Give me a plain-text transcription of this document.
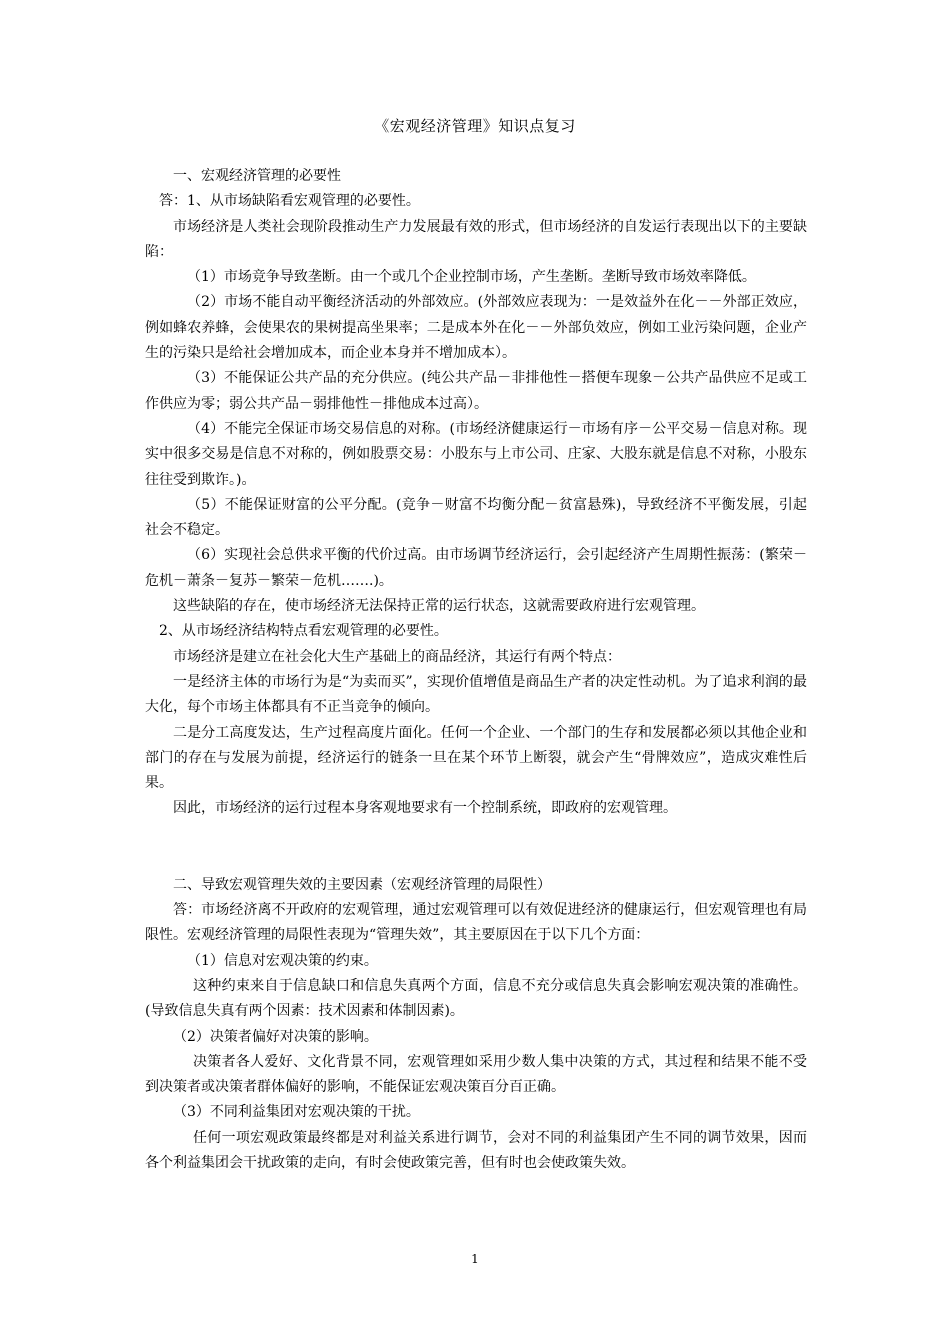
《宏观经济管理》知识点复习

一、宏观经济管理的必要性

答：1、从市场缺陷看宏观管理的必要性。

市场经济是人类社会现阶段推动生产力发展最有效的形式，但市场经济的自发运行表现出以下的主要缺陷：

（1）市场竞争导致垄断。由一个或几个企业控制市场，产生垄断。垄断导致市场效率降低。

（2）市场不能自动平衡经济活动的外部效应。(外部效应表现为：一是效益外在化－－外部正效应，例如蜂农养蜂，会使果农的果树提高坐果率；二是成本外在化－－外部负效应，例如工业污染问题，企业产生的污染只是给社会增加成本，而企业本身并不增加成本）。

（3）不能保证公共产品的充分供应。(纯公共产品－非排他性－搭便车现象－公共产品供应不足或工作供应为零；弱公共产品－弱排他性－排他成本过高）。

（4）不能完全保证市场交易信息的对称。(市场经济健康运行－市场有序－公平交易－信息对称。现实中很多交易是信息不对称的，例如股票交易：小股东与上市公司、庄家、大股东就是信息不对称，小股东往往受到欺诈。)。

（5）不能保证财富的公平分配。(竞争－财富不均衡分配－贫富悬殊)，导致经济不平衡发展，引起社会不稳定。

（6）实现社会总供求平衡的代价过高。由市场调节经济运行，会引起经济产生周期性振荡：(繁荣－危机－萧条－复苏－繁荣－危机…….)。

这些缺陷的存在，使市场经济无法保持正常的运行状态，这就需要政府进行宏观管理。

2、从市场经济结构特点看宏观管理的必要性。

市场经济是建立在社会化大生产基础上的商品经济，其运行有两个特点：

一是经济主体的市场行为是“为卖而买”，实现价值增值是商品生产者的决定性动机。为了追求利润的最大化，每个市场主体都具有不正当竞争的倾向。

二是分工高度发达，生产过程高度片面化。任何一个企业、一个部门的生存和发展都必须以其他企业和部门的存在与发展为前提，经济运行的链条一旦在某个环节上断裂，就会产生“骨牌效应”，造成灾难性后果。

因此，市场经济的运行过程本身客观地要求有一个控制系统，即政府的宏观管理。

二、导致宏观管理失效的主要因素（宏观经济管理的局限性）

答：市场经济离不开政府的宏观管理，通过宏观管理可以有效促进经济的健康运行，但宏观管理也有局限性。宏观经济管理的局限性表现为“管理失效”，其主要原因在于以下几个方面：

（1）信息对宏观决策的约束。

这种约束来自于信息缺口和信息失真两个方面，信息不充分或信息失真会影响宏观决策的准确性。(导致信息失真有两个因素：技术因素和体制因素)。

（2）决策者偏好对决策的影响。

决策者各人爱好、文化背景不同，宏观管理如采用少数人集中决策的方式，其过程和结果不能不受到决策者或决策者群体偏好的影响，不能保证宏观决策百分百正确。

（3）不同利益集团对宏观决策的干扰。

任何一项宏观政策最终都是对利益关系进行调节，会对不同的利益集团产生不同的调节效果，因而各个利益集团会干扰政策的走向，有时会使政策完善，但有时也会使政策失效。

1
